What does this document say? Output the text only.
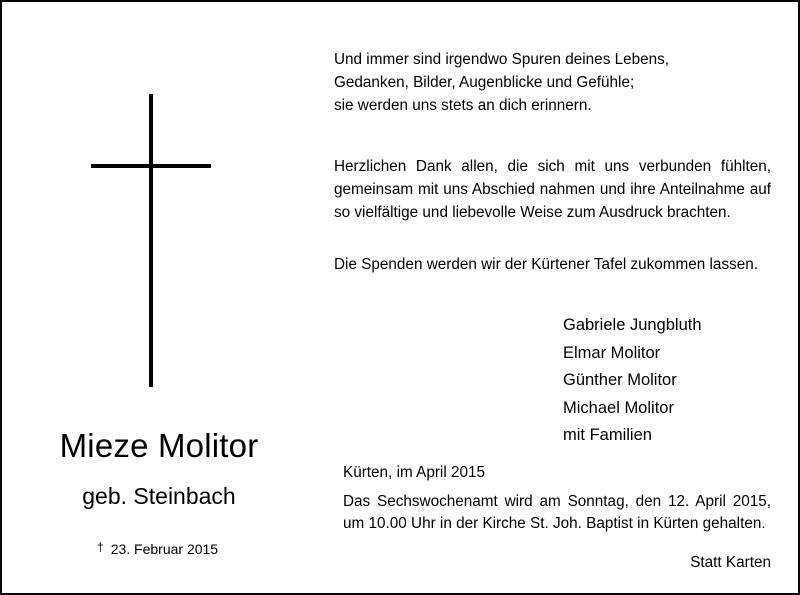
Mieze Molitor
geb. Steinbach
† 23. Februar 2015
Und immer sind irgendwo Spuren deines Lebens,
Gedanken, Bilder, Augenblicke und Gefühle;
sie werden uns stets an dich erinnern.
Herzlichen Dank allen, die sich mit uns verbunden fühlten, gemeinsam mit uns Abschied nahmen und ihre Anteilnahme auf so vielfältige und liebevolle Weise zum Ausdruck brachten.
Die Spenden werden wir der Kürtener Tafel zukommen lassen.
Gabriele Jungbluth
Elmar Molitor
Günther Molitor
Michael Molitor
mit Familien
Kürten, im April 2015
Das Sechswochenamt wird am Sonntag, den 12. April 2015, um 10.00 Uhr in der Kirche St. Joh. Baptist in Kürten gehalten.
Statt Karten
